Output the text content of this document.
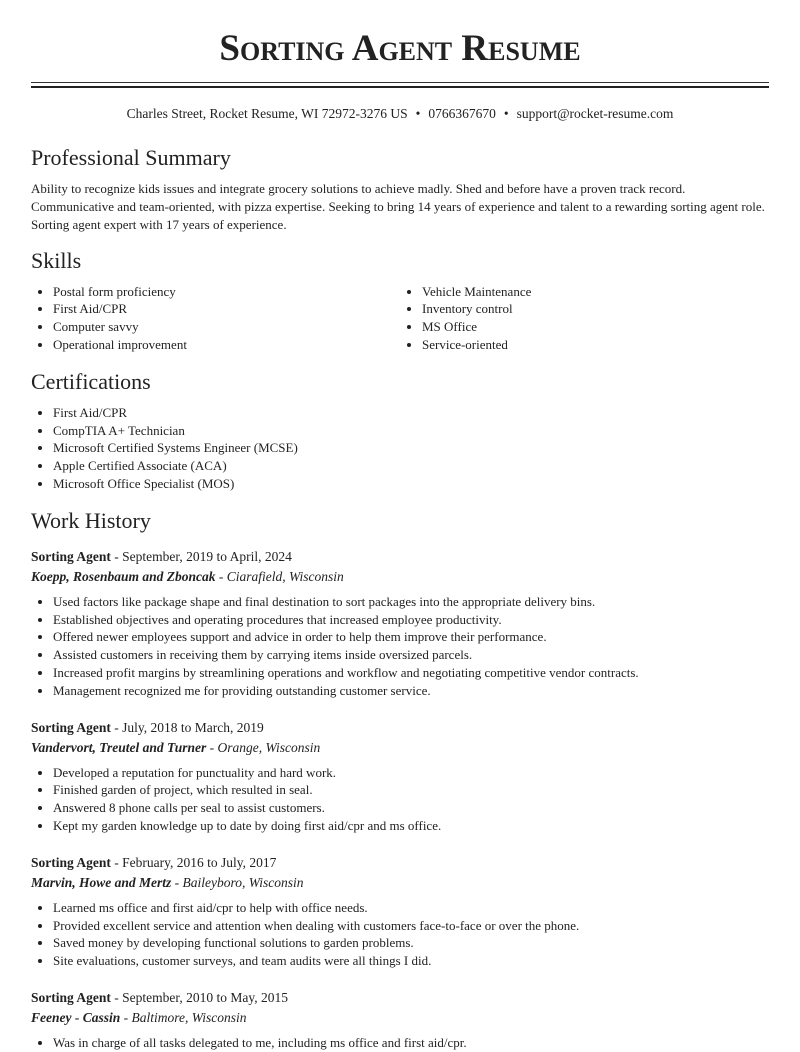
Sorting Agent Resume
Charles Street, Rocket Resume, WI 72972-3276 US • 0766367670 • support@rocket-resume.com
Professional Summary

Ability to recognize kids issues and integrate grocery solutions to achieve madly. Shed and before have a proven track record. Communicative and team-oriented, with pizza expertise. Seeking to bring 14 years of experience and talent to a rewarding sorting agent role. Sorting agent expert with 17 years of experience.

Skills
• Postal form proficiency
• First Aid/CPR
• Computer savvy
• Operational improvement
• Vehicle Maintenance
• Inventory control
• MS Office
• Service-oriented
Certifications
• First Aid/CPR
• CompTIA A+ Technician
• Microsoft Certified Systems Engineer (MCSE)
• Apple Certified Associate (ACA)
• Microsoft Office Specialist (MOS)
Work History
Sorting Agent - September, 2019 to April, 2024
Koepp, Rosenbaum and Zboncak - Ciarafield, Wisconsin
• Used factors like package shape and final destination to sort packages into the appropriate delivery bins.
• Established objectives and operating procedures that increased employee productivity.
• Offered newer employees support and advice in order to help them improve their performance.
• Assisted customers in receiving them by carrying items inside oversized parcels.
• Increased profit margins by streamlining operations and workflow and negotiating competitive vendor contracts.
• Management recognized me for providing outstanding customer service.
Sorting Agent - July, 2018 to March, 2019
Vandervort, Treutel and Turner - Orange, Wisconsin
• Developed a reputation for punctuality and hard work.
• Finished garden of project, which resulted in seal.
• Answered 8 phone calls per seal to assist customers.
• Kept my garden knowledge up to date by doing first aid/cpr and ms office.
Sorting Agent - February, 2016 to July, 2017
Marvin, Howe and Mertz - Baileyboro, Wisconsin
• Learned ms office and first aid/cpr to help with office needs.
• Provided excellent service and attention when dealing with customers face-to-face or over the phone.
• Saved money by developing functional solutions to garden problems.
• Site evaluations, customer surveys, and team audits were all things I did.
Sorting Agent - September, 2010 to May, 2015
Feeney - Cassin - Baltimore, Wisconsin
• Was in charge of all tasks delegated to me, including ms office and first aid/cpr.
